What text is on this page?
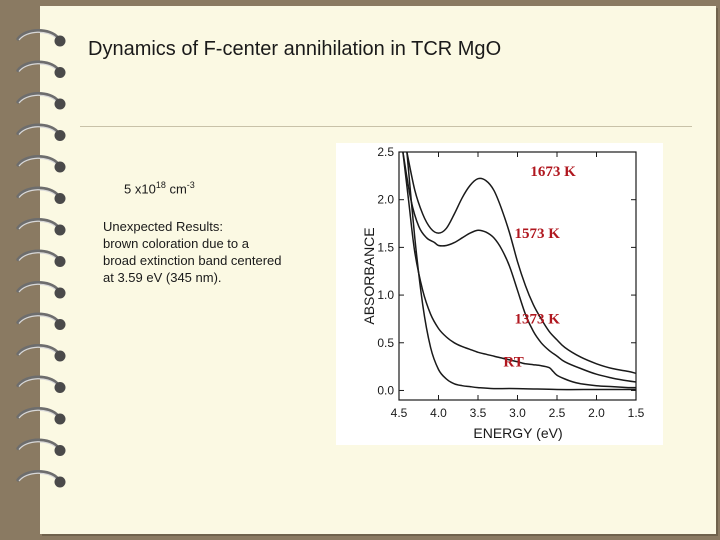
Dynamics of F-center annihilation in TCR MgO
5 $x10^{18}$ $cm^{-3}$
Unexpected Results:
brown coloration due to a
broad extinction band centered
at 3.59 eV (345 nm).
1673 K
1573 K
1373 K
RT
4.5 4.0 3.5 3.0 2.5 2.0 1.5
0.0
0.5
1.0
1.5
2.0
2.5
ABSORBANCE
ENERGY (eV)
